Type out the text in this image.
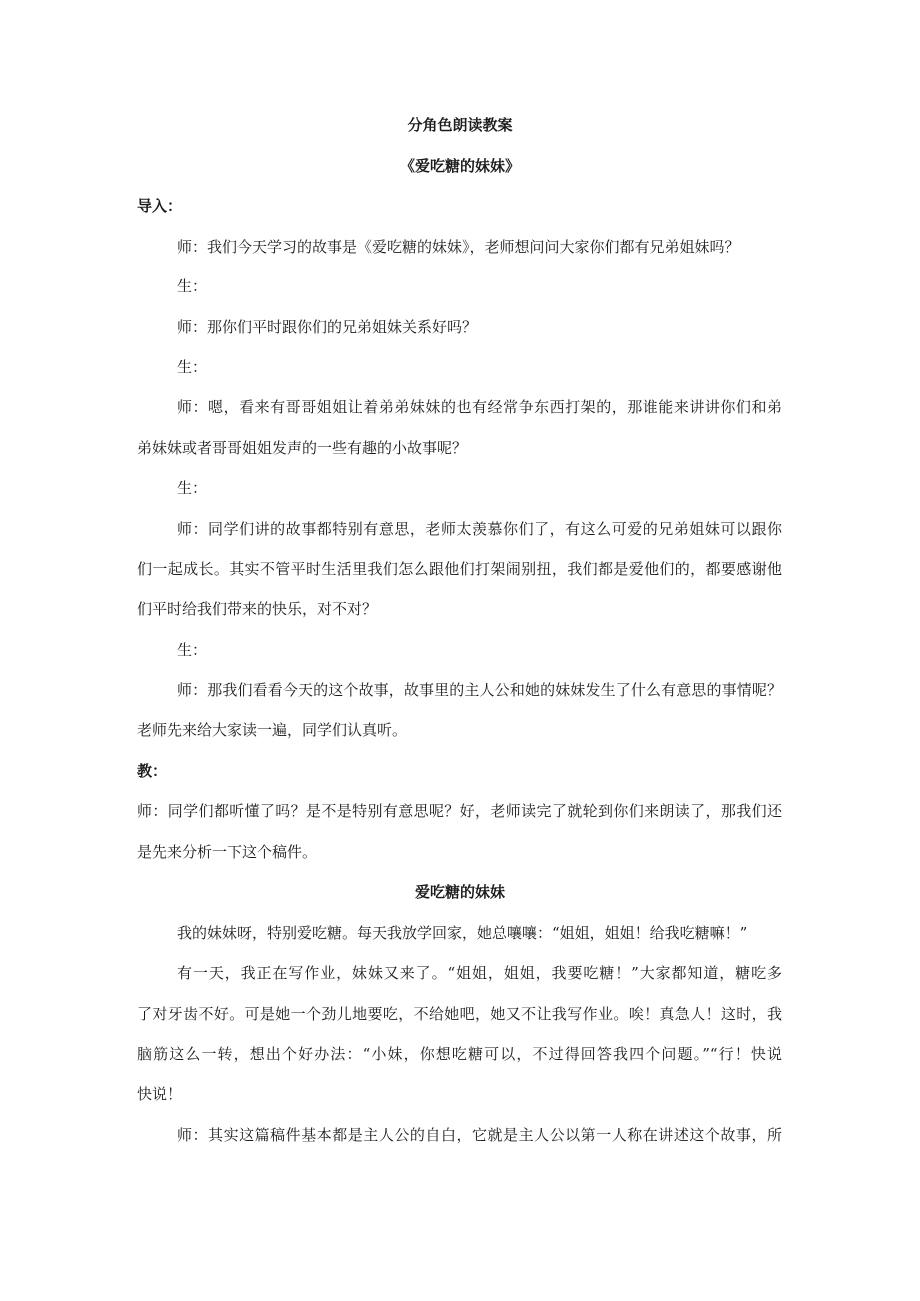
分角色朗读教案

《爱吃糖的妹妹》

导入：

师：我们今天学习的故事是《爱吃糖的妹妹》，老师想问问大家你们都有兄弟姐妹吗？

生：

师：那你们平时跟你们的兄弟姐妹关系好吗？

生：

师：嗯，看来有哥哥姐姐让着弟弟妹妹的也有经常争东西打架的，那谁能来讲讲你们和弟

弟妹妹或者哥哥姐姐发声的一些有趣的小故事呢？

生：

师：同学们讲的故事都特别有意思，老师太羡慕你们了，有这么可爱的兄弟姐妹可以跟你

们一起成长。其实不管平时生活里我们怎么跟他们打架闹别扭，我们都是爱他们的，都要感谢他

们平时给我们带来的快乐，对不对？

生：

师：那我们看看今天的这个故事，故事里的主人公和她的妹妹发生了什么有意思的事情呢？

老师先来给大家读一遍，同学们认真听。

教：

师：同学们都听懂了吗？是不是特别有意思呢？好，老师读完了就轮到你们来朗读了，那我们还

是先来分析一下这个稿件。

爱吃糖的妹妹

我的妹妹呀，特别爱吃糖。每天我放学回家，她总嚷嚷：“姐姐，姐姐！给我吃糖嘛！”

有一天，我正在写作业，妹妹又来了。“姐姐，姐姐，我要吃糖！”大家都知道，糖吃多

了对牙齿不好。可是她一个劲儿地要吃，不给她吧，她又不让我写作业。唉！真急人！这时，我

脑筋这么一转，想出个好办法：“小妹，你想吃糖可以，不过得回答我四个问题。”“行！快说

快说！

师：其实这篇稿件基本都是主人公的自白，它就是主人公以第一人称在讲述这个故事，所
